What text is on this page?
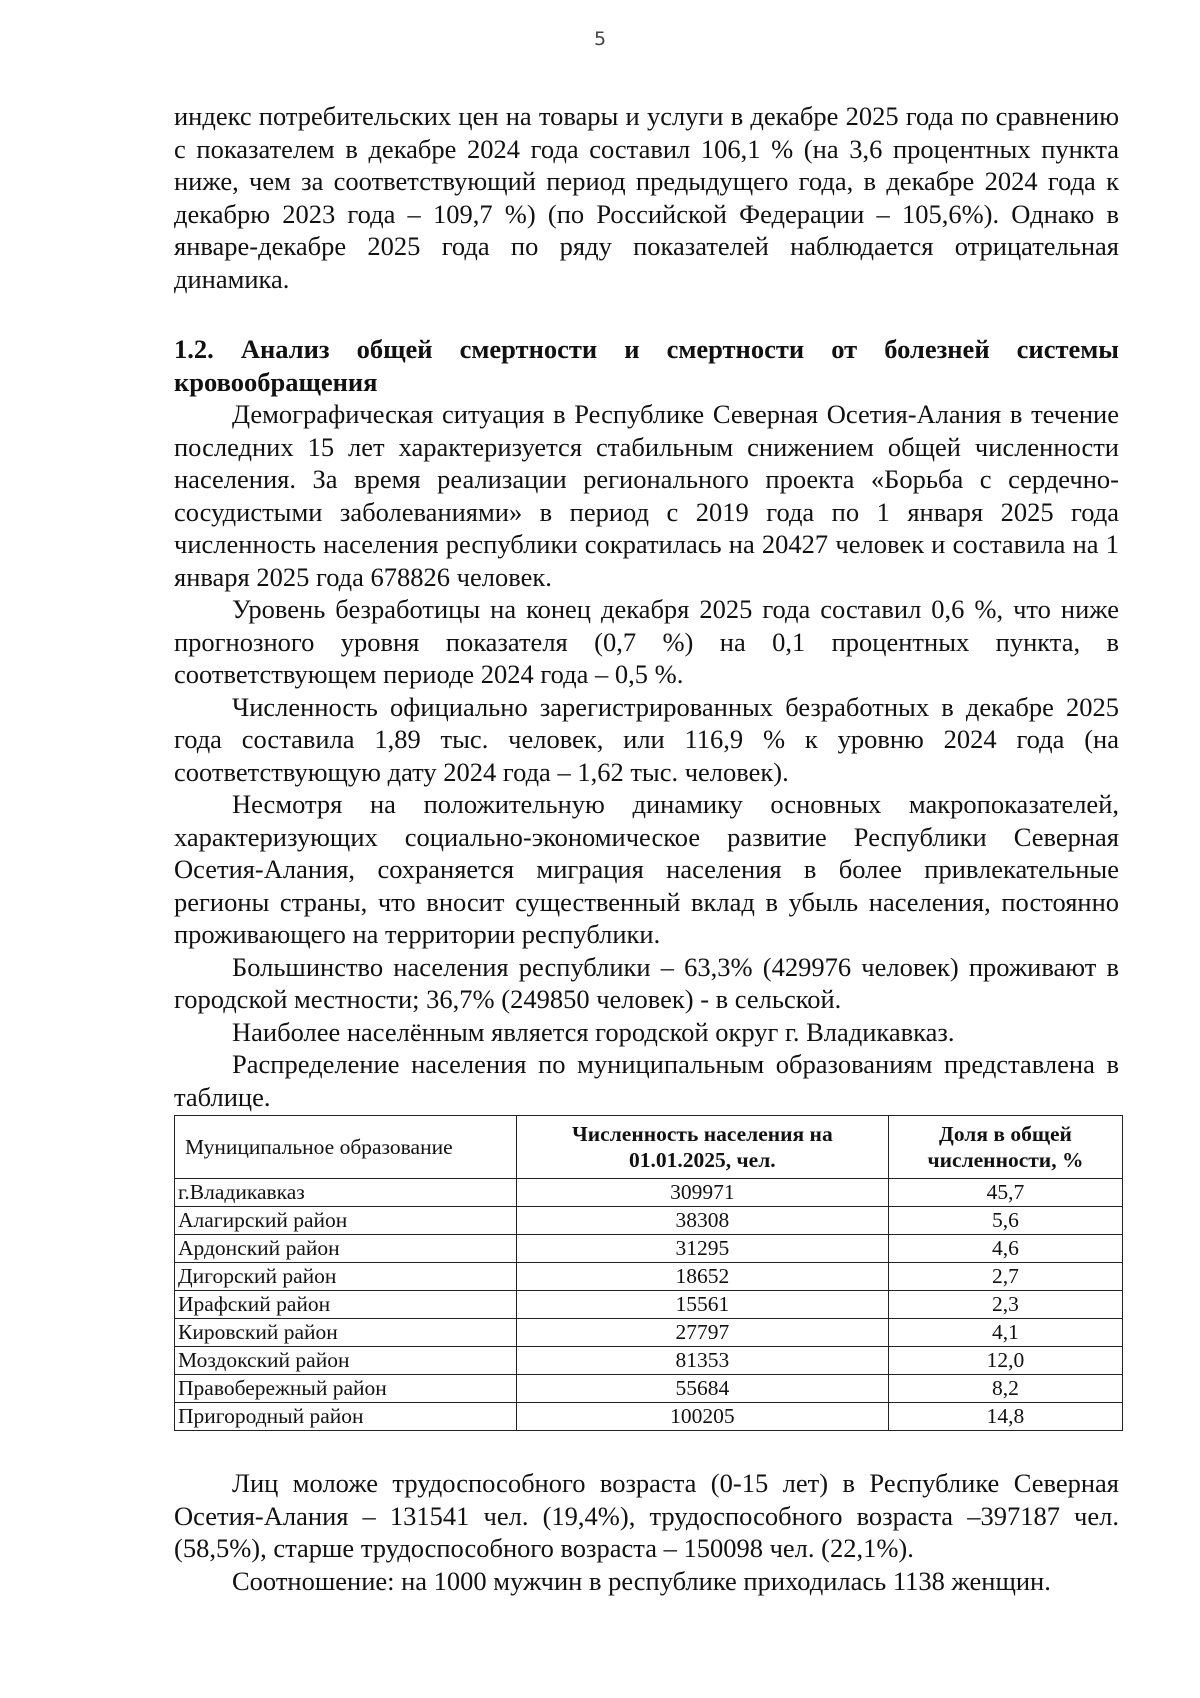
5

индекс потребительских цен на товары и услуги в декабре 2025 года по сравнению с показателем в декабре 2024 года составил 106,1 % (на 3,6 процентных пункта ниже, чем за соответствующий период предыдущего года, в декабре 2024 года к декабрю 2023 года – 109,7 %) (по Российской Федерации – 105,6%). Однако в январе-декабре 2025 года по ряду показателей наблюдается отрицательная динамика.

1.2. Анализ общей смертности и смертности от болезней системы кровообращения

Демографическая ситуация в Республике Северная Осетия-Алания в течение последних 15 лет характеризуется стабильным снижением общей численности населения. За время реализации регионального проекта «Борьба с сердечно-сосудистыми заболеваниями» в период с 2019 года по 1 января 2025 года численность населения республики сократилась на 20427 человек и составила на 1 января 2025 года 678826 человек.

Уровень безработицы на конец декабря 2025 года составил 0,6 %, что ниже прогнозного уровня показателя (0,7 %) на 0,1 процентных пункта, в соответствующем периоде 2024 года – 0,5 %.

Численность официально зарегистрированных безработных в декабре 2025 года составила 1,89 тыс. человек, или 116,9 % к уровню 2024 года (на соответствующую дату 2024 года – 1,62 тыс. человек).

Несмотря на положительную динамику основных макропоказателей, характеризующих социально-экономическое развитие Республики Северная Осетия-Алания, сохраняется миграция населения в более привлекательные регионы страны, что вносит существенный вклад в убыль населения, постоянно проживающего на территории республики.

Большинство населения республики – 63,3% (429976 человек) проживают в городской местности; 36,7% (249850 человек) - в сельской.

Наиболее населённым является городской округ г. Владикавказ.

Распределение населения по муниципальным образованиям представлена в таблице.

Муниципальное образование	Численность населения на 01.01.2025, чел.	Доля в общей численности, %
г.Владикавказ	309971	45,7
Алагирский район	38308	5,6
Ардонский район	31295	4,6
Дигорский район	18652	2,7
Ирафский район	15561	2,3
Кировский район	27797	4,1
Моздокский район	81353	12,0
Правобережный район	55684	8,2
Пригородный район	100205	14,8

Лиц моложе трудоспособного возраста (0-15 лет) в Республике Северная Осетия-Алания – 131541 чел. (19,4%), трудоспособного возраста –397187 чел. (58,5%), старше трудоспособного возраста – 150098 чел. (22,1%).

Соотношение: на 1000 мужчин в республике приходилась 1138 женщин.
